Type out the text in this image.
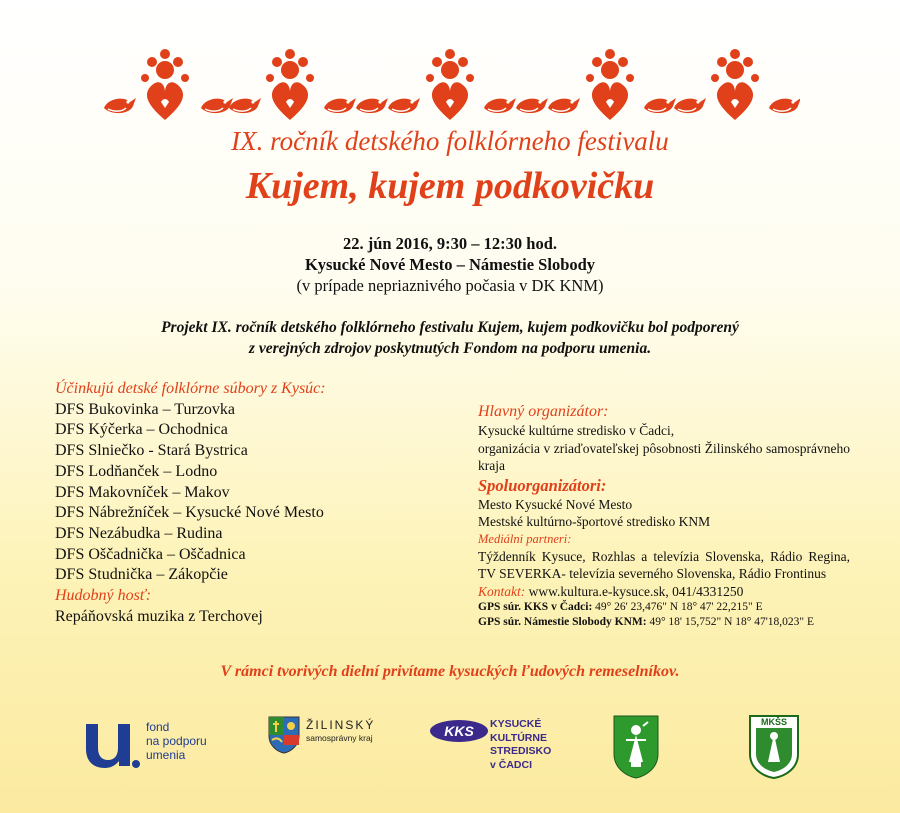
IX. ročník detského folklórneho festivalu
Kujem, kujem podkovičku
22. jún 2016, 9:30 – 12:30 hod.
Kysucké Nové Mesto – Námestie Slobody
(v prípade nepriaznivého počasia v DK KNM)
Projekt IX. ročník detského folklórneho festivalu Kujem, kujem podkovičku bol podporený
z verejných zdrojov poskytnutých Fondom na podporu umenia.
Účinkujú detské folklórne súbory z Kysúc:
DFS Bukovinka – Turzovka
DFS Kýčerka – Ochodnica
DFS Slniečko - Stará Bystrica
DFS Lodňanček – Lodno
DFS Makovníček – Makov
DFS Nábrežníček – Kysucké Nové Mesto
DFS Nezábudka – Rudina
DFS Oščadnička – Oščadnica
DFS Studnička – Zákopčie
Hudobný hosť:
Repáňovská muzika z Terchovej
Hlavný organizátor:
Kysucké kultúrne stredisko v Čadci,
organizácia v zriaďovateľskej pôsobnosti Žilinského samosprávneho kraja
Spoluorganizátori:
Mesto Kysucké Nové Mesto
Mestské kultúrno-športové stredisko KNM
Mediálni partneri:
Týždenník Kysuce, Rozhlas a televízia Slovenska, Rádio Regina, TV SEVERKA- televízia severného Slovenska, Rádio Frontinus
Kontakt: www.kultura.e-kysuce.sk, 041/4331250
GPS súr. KKS v Čadci: 49° 26' 23,476" N 18° 47' 22,215" E
GPS súr. Námestie Slobody KNM: 49° 18' 15,752" N 18° 47'18,023" E
V rámci tvorivých dielní privítame kysuckých ľudových remeselníkov.
fond
na podporu
umenia
ŽILINSKÝ
samosprávny kraj	KKS	KYSUCKÉ
KULTÚRNE
STREDISKO
v ČADCI
MKŠS
